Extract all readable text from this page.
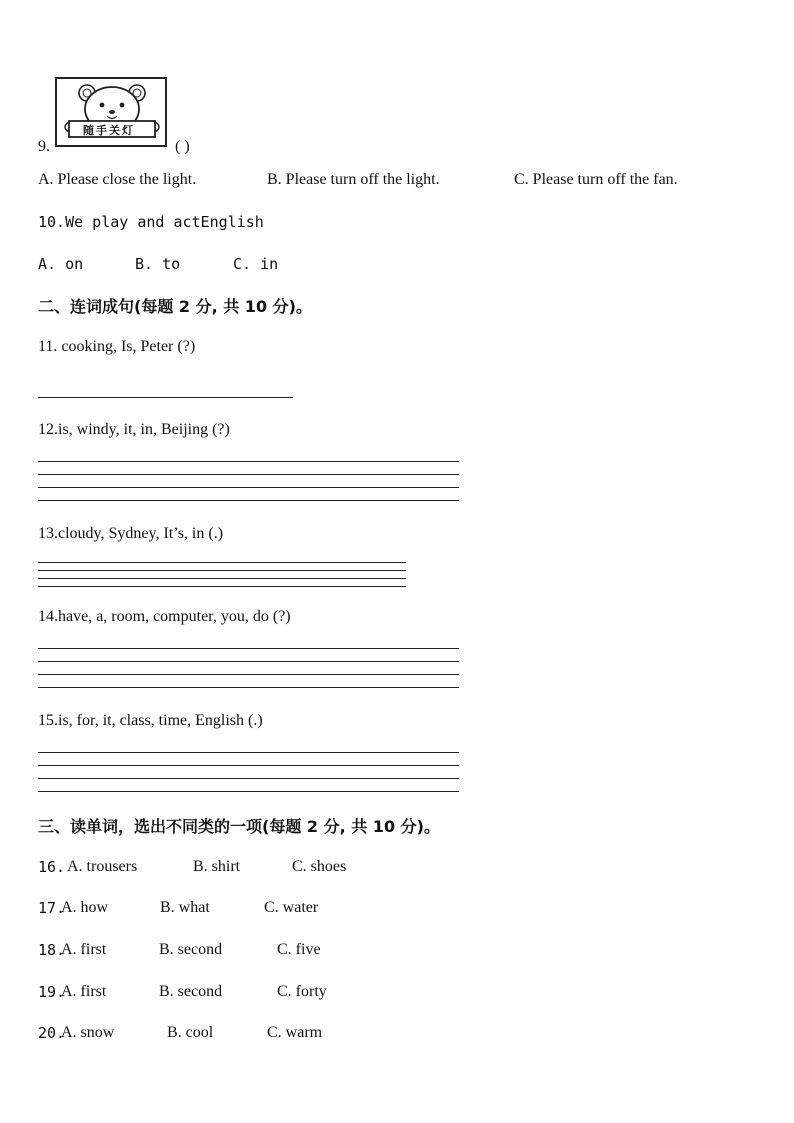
9.
随手关灯
( )
A. Please close the light.	B. Please turn off the light.	C. Please turn off the fan.
10.We play and actEnglish
A. on	B. to	C. in
二、连词成句(每题 2 分, 共 10 分)。
11. cooking, Is, Peter (?)
12.is, windy, it, in, Beijing (?)
13.cloudy, Sydney, It’s, in (.)
14.have, a, room, computer, you, do (?)
15.is, for, it, class, time, English (.)
三、读单词，选出不同类的一项(每题 2 分, 共 10 分)。
16. A. trousers	B. shirt	C. shoes
17.
A. how	B. what	C. water
18.
A. first	B. second	C. five
19.
A. first	B. second	C. forty
20.
A. snow	B. cool	C. warm
